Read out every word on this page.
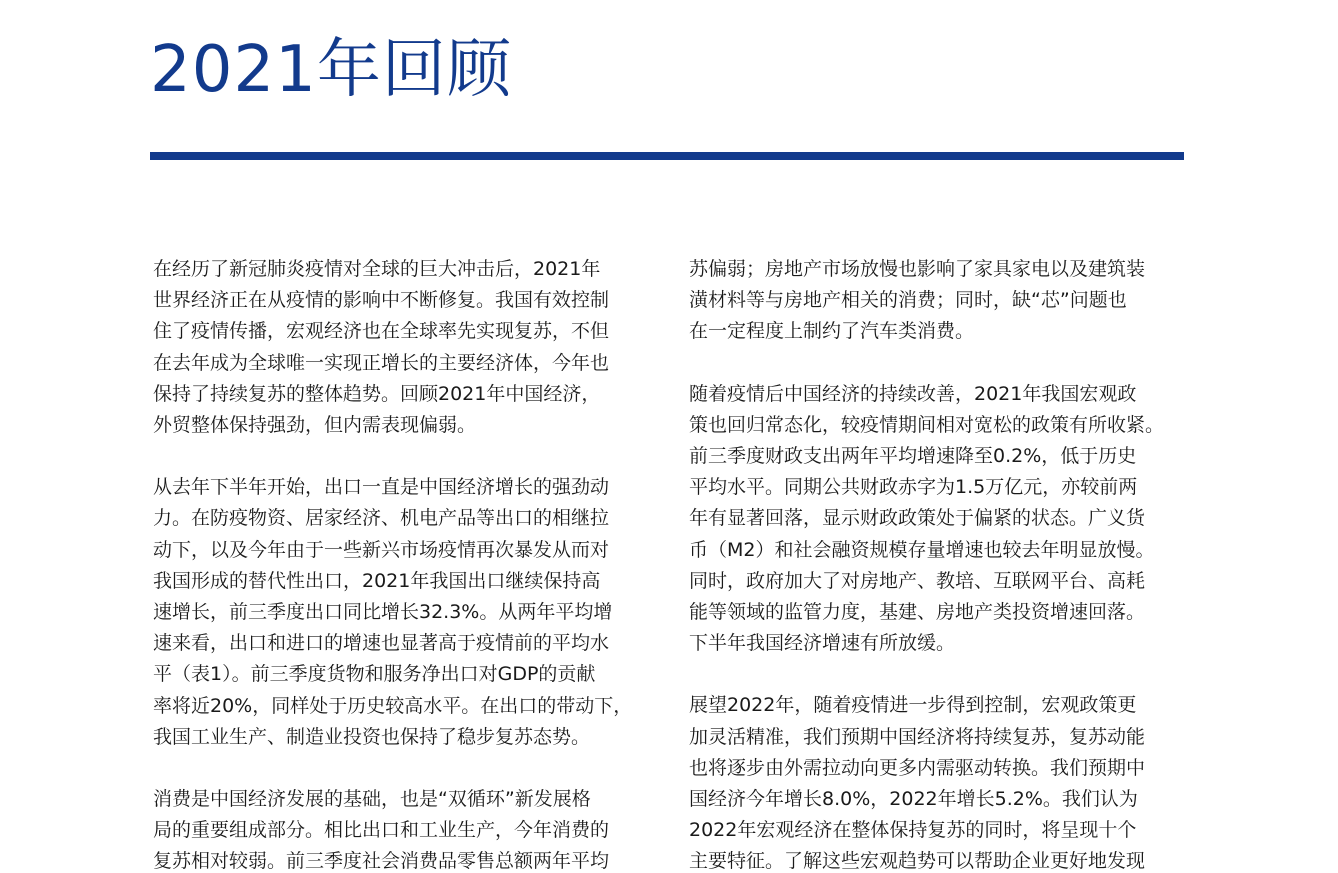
2021年回顾

在经历了新冠肺炎疫情对全球的巨大冲击后，2021年
世界经济正在从疫情的影响中不断修复。我国有效控制
住了疫情传播，宏观经济也在全球率先实现复苏，不但
在去年成为全球唯一实现正增长的主要经济体，今年也
保持了持续复苏的整体趋势。回顾2021年中国经济，
外贸整体保持强劲，但内需表现偏弱。

从去年下半年开始，出口一直是中国经济增长的强劲动
力。在防疫物资、居家经济、机电产品等出口的相继拉
动下，以及今年由于一些新兴市场疫情再次暴发从而对
我国形成的替代性出口，2021年我国出口继续保持高
速增长，前三季度出口同比增长32.3%。从两年平均增
速来看，出口和进口的增速也显著高于疫情前的平均水
平（表1）。前三季度货物和服务净出口对GDP的贡献
率将近20%，同样处于历史较高水平。在出口的带动下，
我国工业生产、制造业投资也保持了稳步复苏态势。

消费是中国经济发展的基础，也是“双循环”新发展格
局的重要组成部分。相比出口和工业生产，今年消费的
复苏相对较弱。前三季度社会消费品零售总额两年平均

苏偏弱；房地产市场放慢也影响了家具家电以及建筑装
潢材料等与房地产相关的消费；同时，缺“芯”问题也
在一定程度上制约了汽车类消费。

随着疫情后中国经济的持续改善，2021年我国宏观政
策也回归常态化，较疫情期间相对宽松的政策有所收紧。
前三季度财政支出两年平均增速降至0.2%，低于历史
平均水平。同期公共财政赤字为1.5万亿元，亦较前两
年有显著回落，显示财政政策处于偏紧的状态。广义货
币（M2）和社会融资规模存量增速也较去年明显放慢。
同时，政府加大了对房地产、教培、互联网平台、高耗
能等领域的监管力度，基建、房地产类投资增速回落。
下半年我国经济增速有所放缓。

展望2022年，随着疫情进一步得到控制，宏观政策更
加灵活精准，我们预期中国经济将持续复苏，复苏动能
也将逐步由外需拉动向更多内需驱动转换。我们预期中
国经济今年增长8.0%，2022年增长5.2%。我们认为
2022年宏观经济在整体保持复苏的同时，将呈现十个
主要特征。了解这些宏观趋势可以帮助企业更好地发现
